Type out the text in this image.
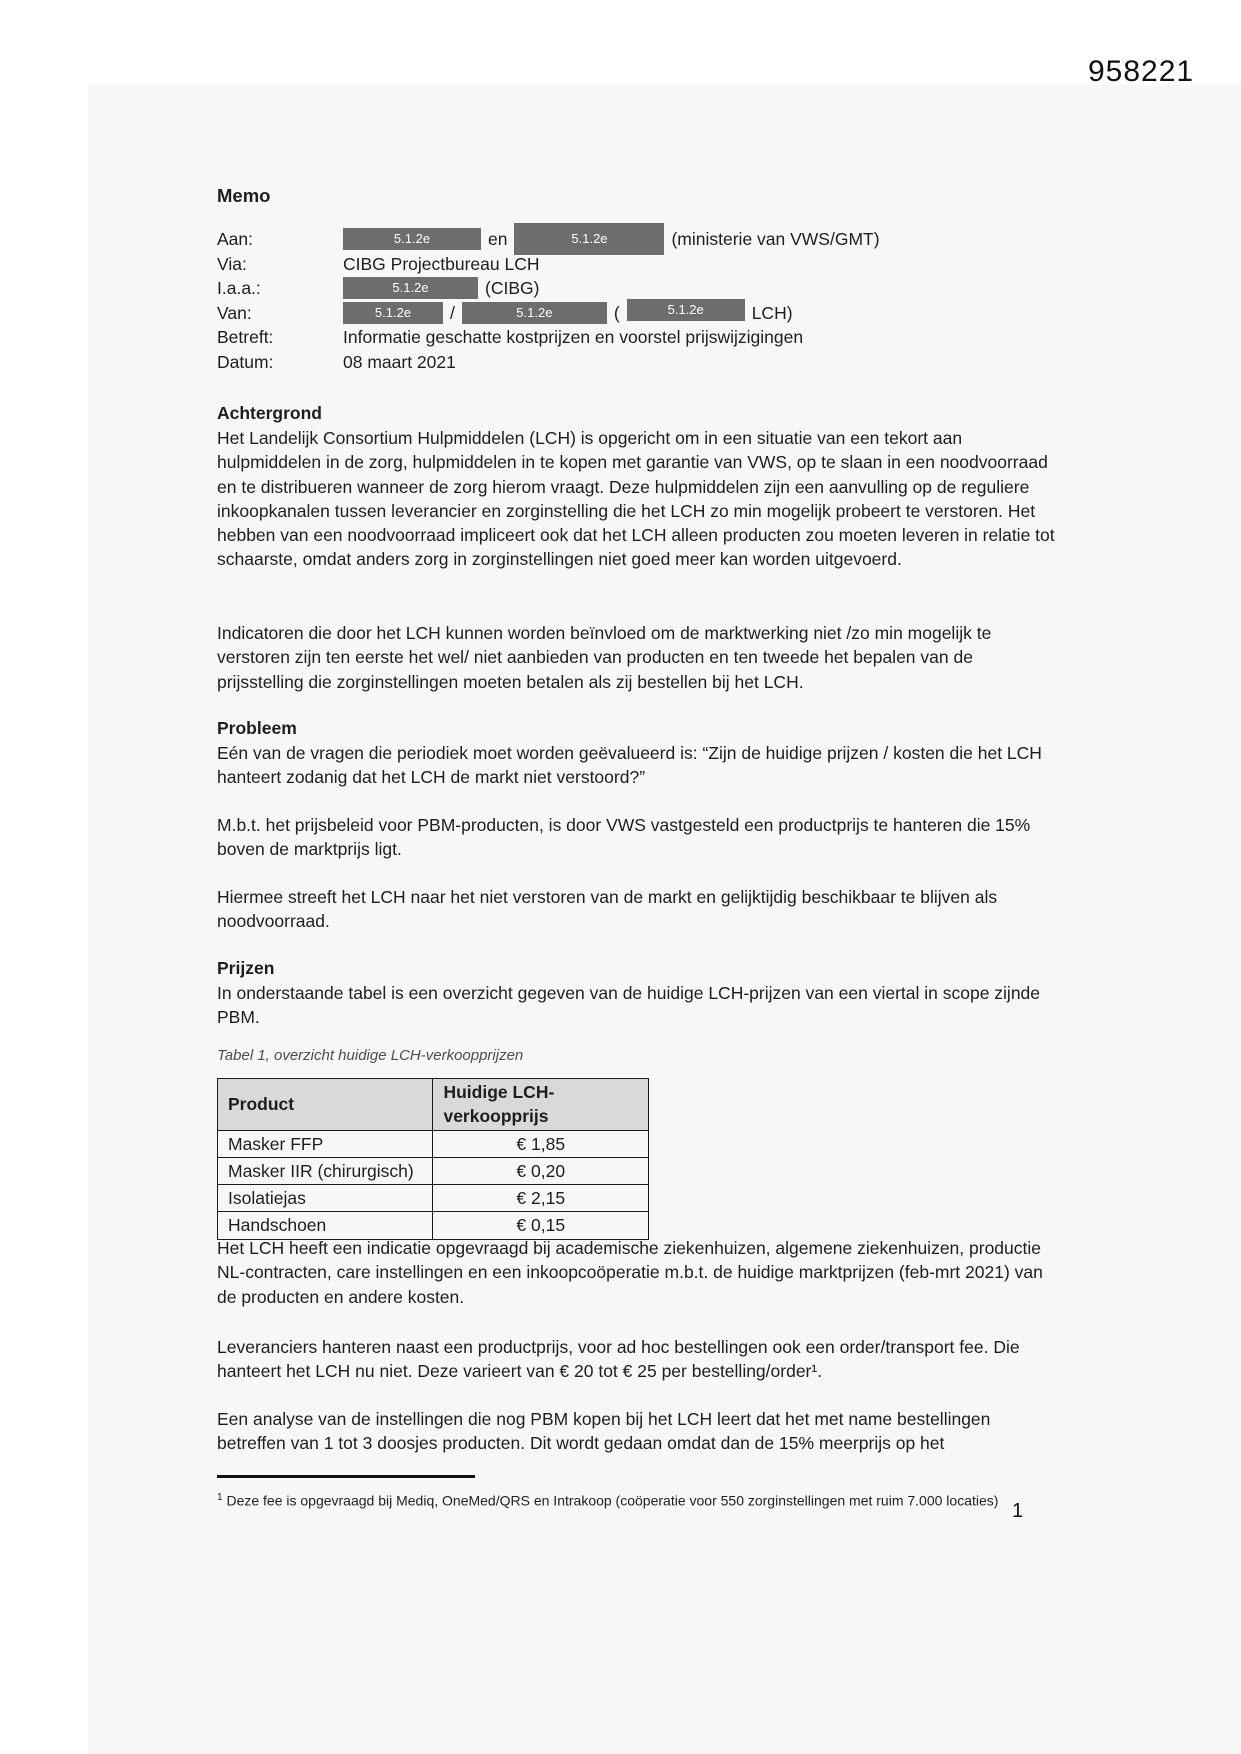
958221
Memo
Aan:	5.1.2e	en	5.1.2e	(ministerie van VWS/GMT)
Via:	CIBG Projectbureau LCH
I.a.a.:	5.1.2e	(CIBG)
Van:	5.1.2e	/	5.1.2e	(	5.1.2e	LCH)
Betreft:	Informatie geschatte kostprijzen en voorstel prijswijzigingen
Datum:	08 maart 2021
Achtergrond

Het Landelijk Consortium Hulpmiddelen (LCH) is opgericht om in een situatie van een tekort aan hulpmiddelen in de zorg, hulpmiddelen in te kopen met garantie van VWS, op te slaan in een noodvoorraad en te distribueren wanneer de zorg hierom vraagt. Deze hulpmiddelen zijn een aanvulling op de reguliere inkoopkanalen tussen leverancier en zorginstelling die het LCH zo min mogelijk probeert te verstoren. Het hebben van een noodvoorraad impliceert ook dat het LCH alleen producten zou moeten leveren in relatie tot schaarste, omdat anders zorg in zorginstellingen niet goed meer kan worden uitgevoerd.

Indicatoren die door het LCH kunnen worden beïnvloed om de marktwerking niet /zo min mogelijk te verstoren zijn ten eerste het wel/ niet aanbieden van producten en ten tweede het bepalen van de prijsstelling die zorginstellingen moeten betalen als zij bestellen bij het LCH.

Probleem

Eén van de vragen die periodiek moet worden geëvalueerd is: “Zijn de huidige prijzen / kosten die het LCH hanteert zodanig dat het LCH de markt niet verstoord?”

M.b.t. het prijsbeleid voor PBM-producten, is door VWS vastgesteld een productprijs te hanteren die 15% boven de marktprijs ligt.

Hiermee streeft het LCH naar het niet verstoren van de markt en gelijktijdig beschikbaar te blijven als noodvoorraad.

Prijzen

In onderstaande tabel is een overzicht gegeven van de huidige LCH-prijzen van een viertal in scope zijnde PBM.

Tabel 1, overzicht huidige LCH-verkoopprijzen
Product	Huidige LCH-verkoopprijs
Masker FFP	€ 1,85
Masker IIR (chirurgisch)	€ 0,20
Isolatiejas	€ 2,15
Handschoen	€ 0,15

Het LCH heeft een indicatie opgevraagd bij academische ziekenhuizen, algemene ziekenhuizen, productie NL-contracten, care instellingen en een inkoopcoöperatie m.b.t. de huidige marktprijzen (feb-mrt 2021) van de producten en andere kosten.

Leveranciers hanteren naast een productprijs, voor ad hoc bestellingen ook een order/transport fee. Die hanteert het LCH nu niet. Deze varieert van € 20 tot € 25 per bestelling/order¹.

Een analyse van de instellingen die nog PBM kopen bij het LCH leert dat het met name bestellingen betreffen van 1 tot 3 doosjes producten. Dit wordt gedaan omdat dan de 15% meerprijs op het

$^1$ Deze fee is opgevraagd bij Mediq, OneMed/QRS en Intrakoop (coöperatie voor 550 zorginstellingen met ruim 7.000 locaties) 1
